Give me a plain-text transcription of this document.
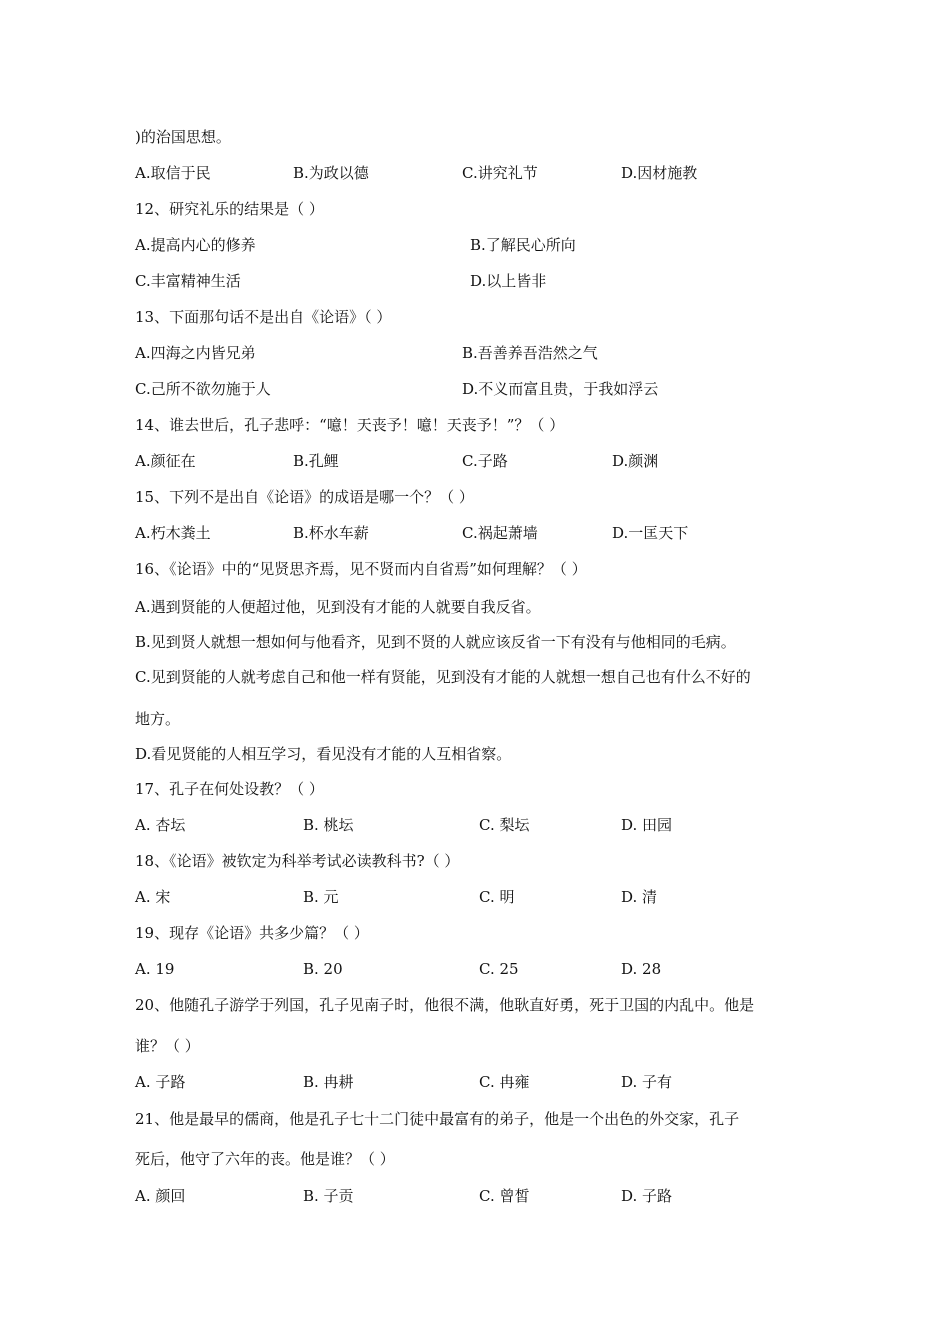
)的治国思想。
A.取信于民	B.为政以德	C.讲究礼节	D.因材施教
12、研究礼乐的结果是（ ）
A.提高内心的修养	B.了解民心所向
C.丰富精神生活	D.以上皆非
13、下面那句话不是出自《论语》（ ）
A.四海之内皆兄弟	B.吾善养吾浩然之气
C.己所不欲勿施于人	D.不义而富且贵，于我如浮云
14、谁去世后，孔子悲呼：“噫！天丧予！噫！天丧予！”？（ ）
A.颜征在	B.孔鲤	C.子路	D.颜渊
15、下列不是出自《论语》的成语是哪一个？（ ）
A.朽木粪土	B.杯水车薪	C.祸起萧墙	D.一匡天下
16、《论语》中的“见贤思齐焉，见不贤而内自省焉”如何理解？（ ）
A.遇到贤能的人便超过他，见到没有才能的人就要自我反省。
B.见到贤人就想一想如何与他看齐，见到不贤的人就应该反省一下有没有与他相同的毛病。
C.见到贤能的人就考虑自己和他一样有贤能，见到没有才能的人就想一想自己也有什么不好的
地方。
D.看见贤能的人相互学习，看见没有才能的人互相省察。
17、孔子在何处设教？（ ）
A. 杏坛	B. 桃坛	C. 梨坛	D. 田园
18、《论语》被钦定为科举考试必读教科书?（ ）
A. 宋	B. 元	C. 明	D. 清
19、现存《论语》共多少篇？（ ）
A. 19	B. 20	C. 25	D. 28
20、他随孔子游学于列国，孔子见南子时，他很不满，他耿直好勇，死于卫国的内乱中。他是
谁？（ ）
A. 子路	B. 冉耕	C. 冉雍	D. 子有
21、他是最早的儒商，他是孔子七十二门徒中最富有的弟子，他是一个出色的外交家，孔子
死后，他守了六年的丧。他是谁？（ ）
A. 颜回	B. 子贡	C. 曾皙	D. 子路
